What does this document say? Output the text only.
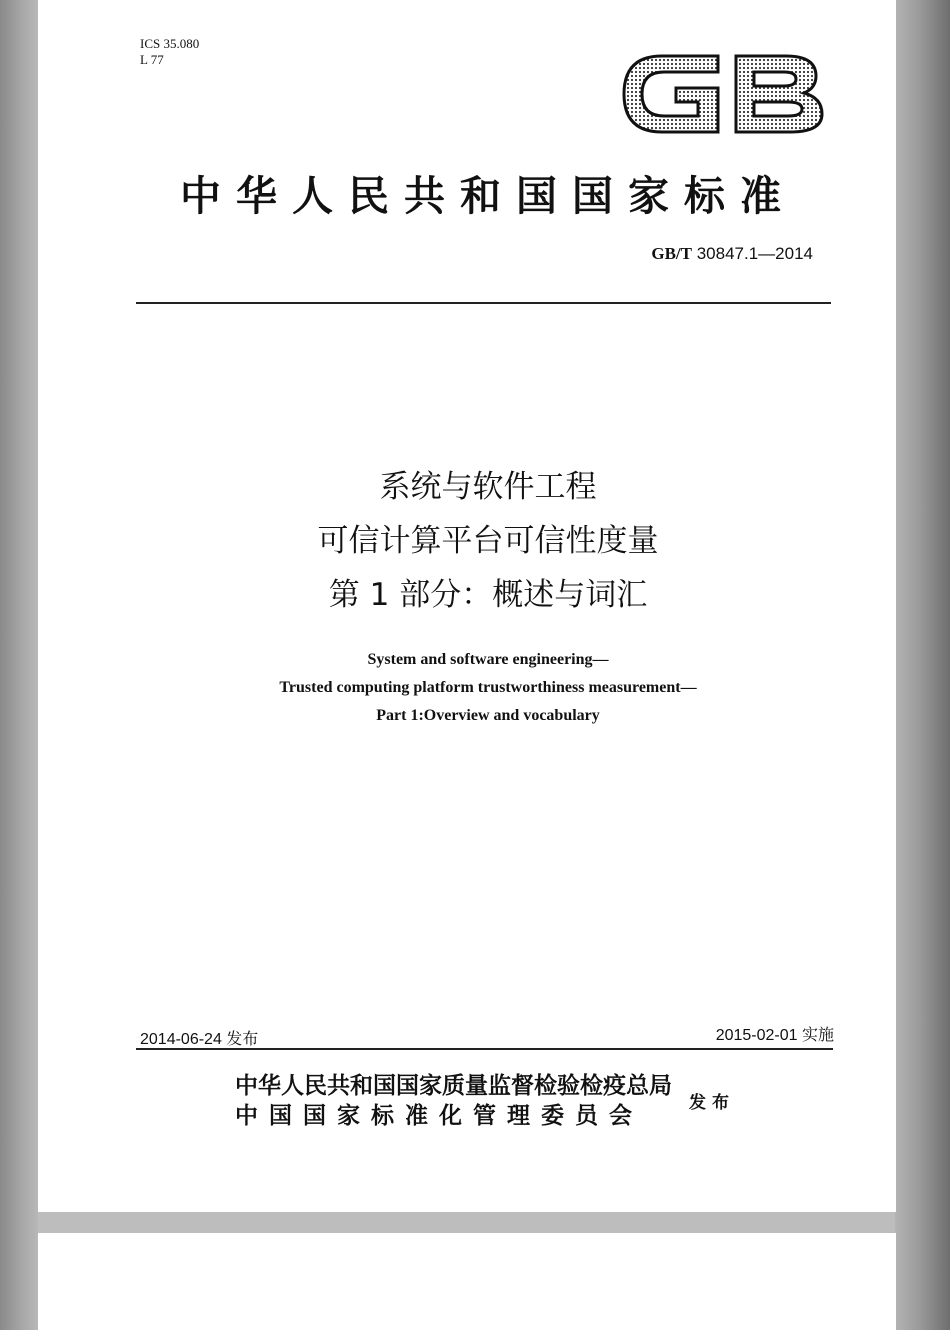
ICS 35.080
L 77
中华人民共和国国家标准
GB/T 30847.1—2014
系统与软件工程
可信计算平台可信性度量
第 1 部分：概述与词汇
System and software engineering—
Trusted computing platform trustworthiness measurement—
Part 1:Overview and vocabulary
2014-06-24 发布	2015-02-01 实施
中华人民共和国国家质量监督检验检疫总局
中国国家标准化管理委员会	发布
